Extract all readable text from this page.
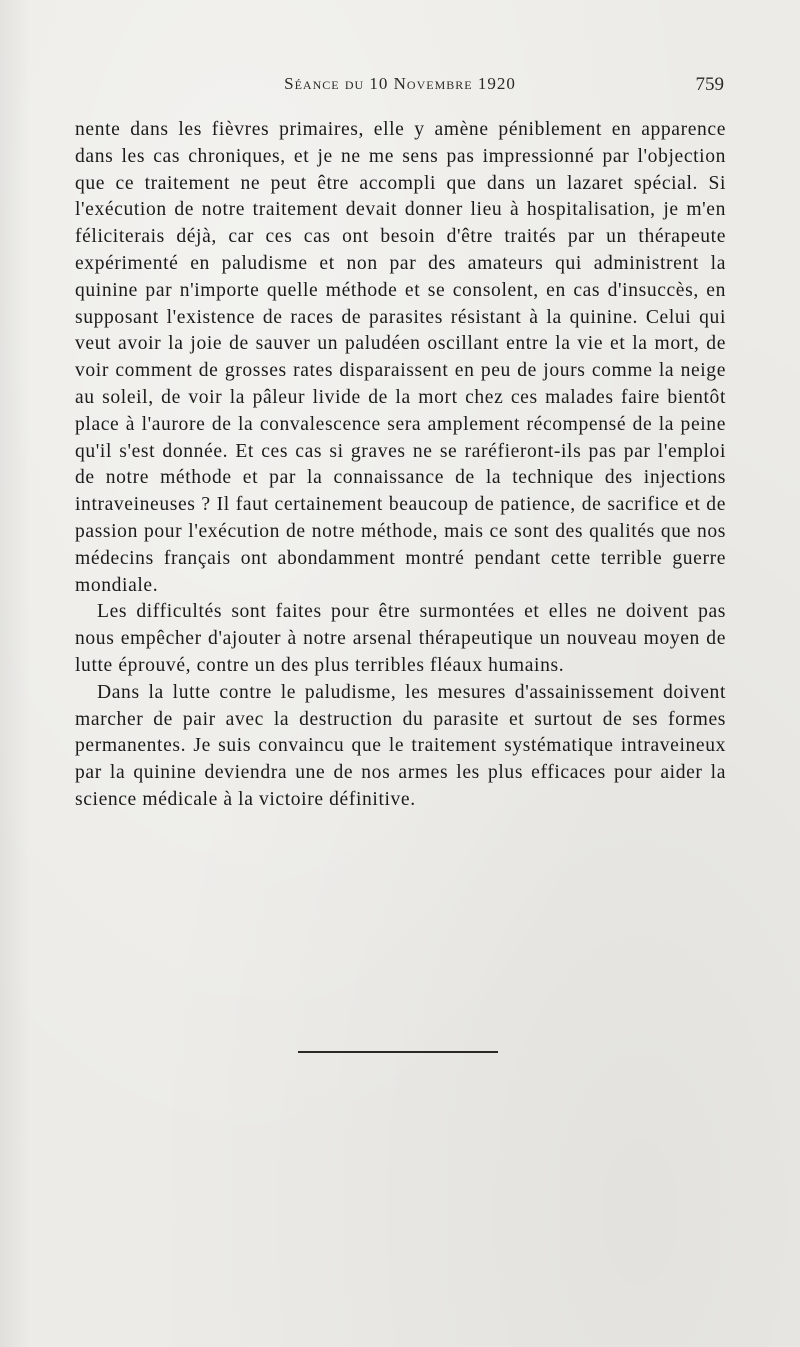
Séance du 10 Novembre 1920	759

nente dans les fièvres primaires, elle y amène péniblement en apparence dans les cas chroniques, et je ne me sens pas impressionné par l'objection que ce traitement ne peut être accompli que dans un lazaret spécial. Si l'exécution de notre traitement devait donner lieu à hospitalisation, je m'en féliciterais déjà, car ces cas ont besoin d'être traités par un thérapeute expérimenté en paludisme et non par des amateurs qui administrent la quinine par n'importe quelle méthode et se consolent, en cas d'insuccès, en supposant l'existence de races de parasites résistant à la quinine. Celui qui veut avoir la joie de sauver un paludéen oscillant entre la vie et la mort, de voir comment de grosses rates disparaissent en peu de jours comme la neige au soleil, de voir la pâleur livide de la mort chez ces malades faire bientôt place à l'aurore de la convalescence sera amplement récompensé de la peine qu'il s'est donnée. Et ces cas si graves ne se raréfieront-ils pas par l'emploi de notre méthode et par la connaissance de la technique des injections intraveineuses ? Il faut certainement beaucoup de patience, de sacrifice et de passion pour l'exécution de notre méthode, mais ce sont des qualités que nos médecins français ont abondamment montré pendant cette terrible guerre mondiale.

Les difficultés sont faites pour être surmontées et elles ne doivent pas nous empêcher d'ajouter à notre arsenal thérapeutique un nouveau moyen de lutte éprouvé, contre un des plus terribles fléaux humains.

Dans la lutte contre le paludisme, les mesures d'assainissement doivent marcher de pair avec la destruction du parasite et surtout de ses formes permanentes. Je suis convaincu que le traitement systématique intraveineux par la quinine deviendra une de nos armes les plus efficaces pour aider la science médicale à la victoire définitive.
